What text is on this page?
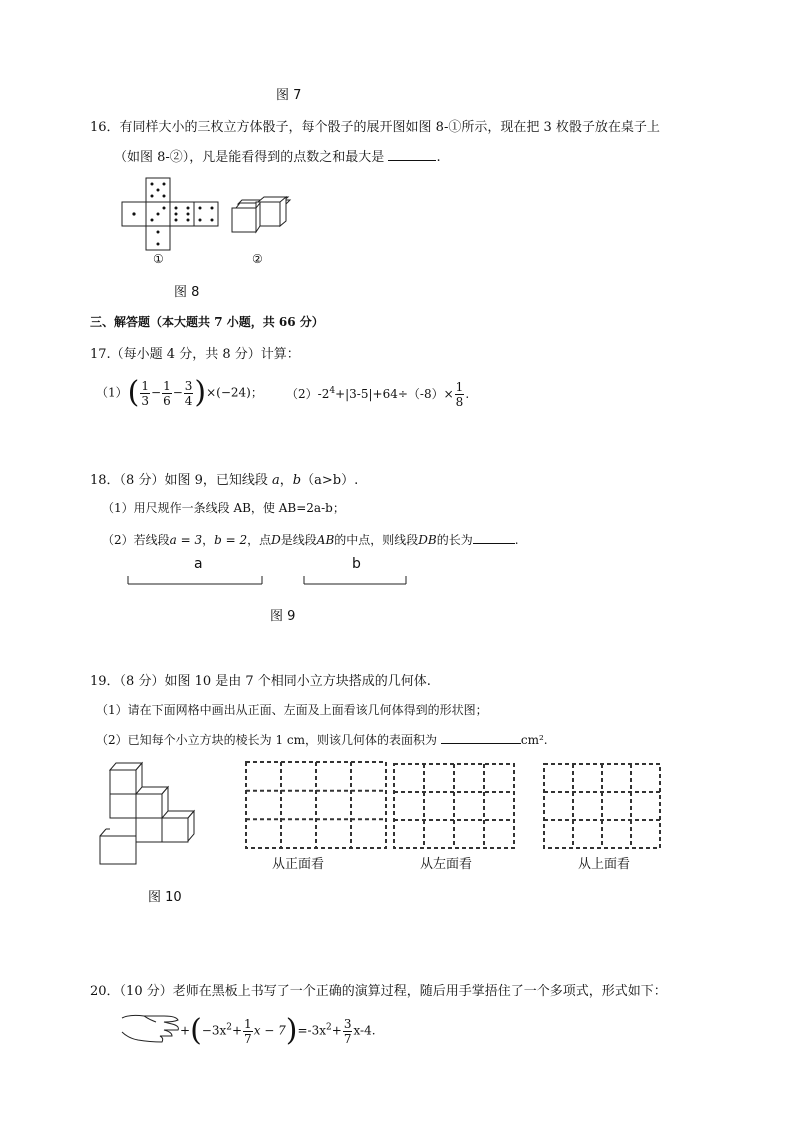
图 7
16．有同样大小的三枚立方体骰子，每个骰子的展开图如图 8-①所示，现在把 3 枚骰子放在桌子上
（如图 8-②），凡是能看得到的点数之和最大是	.
①	②
图 8
三、解答题（本大题共 7 小题，共 66 分）
17.（每小题 4 分，共 8 分）计算：
$(1)( \frac{1}{3} - \frac{1}{6} - \frac{3}{4} )\times(-24)$； $(2)-2^4+|3-5|+64\div(-8)\times \frac{1}{8}$ .
18．（8 分）如图 9，已知线段 a，b（a>b）.
（1）用尺规作一条线段 AB，使 AB=2a-b；
（2）若线段a = 3，b = 2，点D是线段AB的中点，则线段DB的长为	.
a	b
图 9
19．（8 分）如图 10 是由 7 个相同小立方块搭成的几何体.
（1）请在下面网格中画出从正面、左面及上面看该几何体得到的形状图；
（2）已知每个小立方块的棱长为 1 cm，则该几何体的表面积为	cm².
图 10
从正面看	从左面看	从上面看
20．（10 分）老师在黑板上书写了一个正确的演算过程，随后用手掌捂住了一个多项式，形式如下：
$+(-3x^2+ \frac{1}{7}$ $x - 7)=-3x^2+ \frac{3}{7} x-4$.
